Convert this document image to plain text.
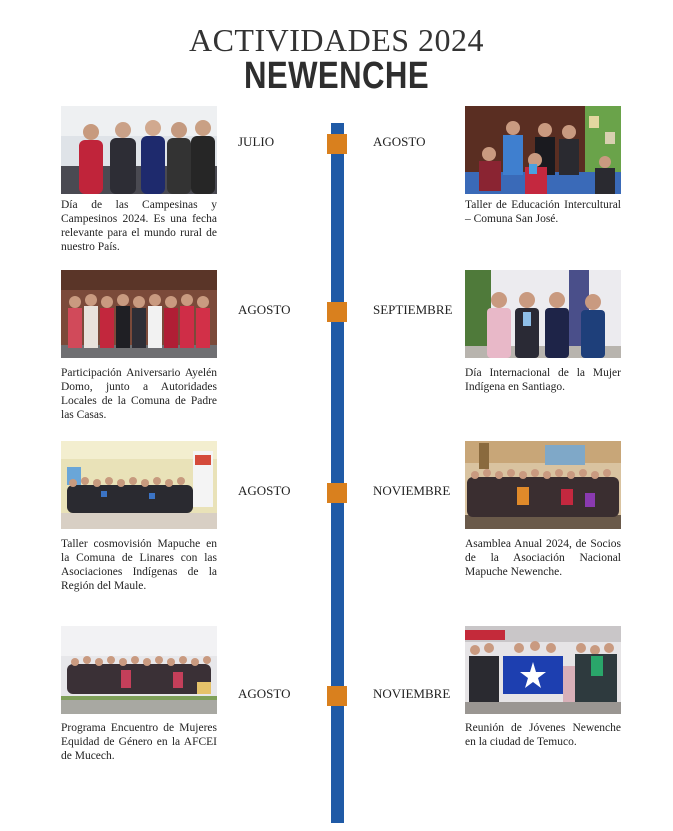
ACTIVIDADES 2024
NEWENCHE
JULIO
AGOSTO
AGOSTO
AGOSTO
AGOSTO
SEPTIEMBRE
NOVIEMBRE
NOVIEMBRE
Día de las Campesinas y Campesinos 2024. Es una fecha relevante para el mundo rural de nuestro País.
Participación Aniversario Ayelén Domo, junto a Autoridades Locales de la Comuna de Padre las Casas.
Taller cosmovisión Mapuche en la Comuna de Linares con las Asociaciones Indígenas de la Región del Maule.
Programa Encuentro de Mujeres Equidad de Género en la AFCEI de Mucech.
Taller de Educación Intercultural – Comuna San José.
Día Internacional de la Mujer Indígena en Santiago.
Asamblea Anual 2024, de Socios de la Asociación Nacional Mapuche Newenche.
Reunión de Jóvenes Newenche en la ciudad de Temuco.
